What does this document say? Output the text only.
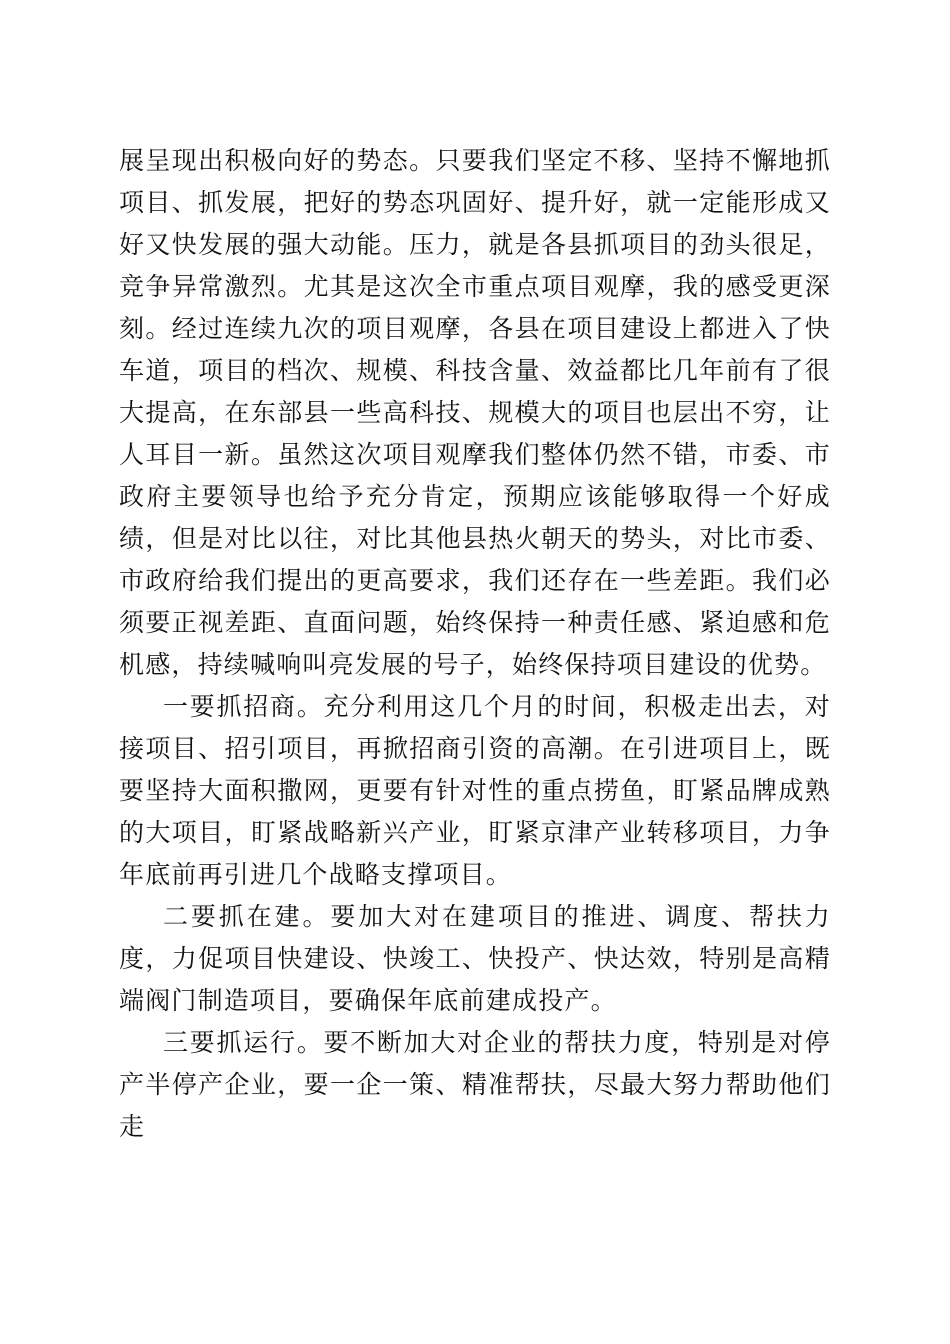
展呈现出积极向好的势态。只要我们坚定不移、坚持不懈地抓项目、抓发展，把好的势态巩固好、提升好，就一定能形成又好又快发展的强大动能。压力，就是各县抓项目的劲头很足，竞争异常激烈。尤其是这次全市重点项目观摩，我的感受更深刻。经过连续九次的项目观摩，各县在项目建设上都进入了快车道，项目的档次、规模、科技含量、效益都比几年前有了很大提高，在东部县一些高科技、规模大的项目也层出不穷，让人耳目一新。虽然这次项目观摩我们整体仍然不错，市委、市政府主要领导也给予充分肯定，预期应该能够取得一个好成绩，但是对比以往，对比其他县热火朝天的势头，对比市委、市政府给我们提出的更高要求，我们还存在一些差距。我们必须要正视差距、直面问题，始终保持一种责任感、紧迫感和危机感，持续喊响叫亮发展的号子，始终保持项目建设的优势。

一要抓招商。充分利用这几个月的时间，积极走出去，对接项目、招引项目，再掀招商引资的高潮。在引进项目上，既要坚持大面积撒网，更要有针对性的重点捞鱼，盯紧品牌成熟的大项目，盯紧战略新兴产业，盯紧京津产业转移项目，力争年底前再引进几个战略支撑项目。

二要抓在建。要加大对在建项目的推进、调度、帮扶力度，力促项目快建设、快竣工、快投产、快达效，特别是高精端阀门制造项目，要确保年底前建成投产。

三要抓运行。要不断加大对企业的帮扶力度，特别是对停产半停产企业，要一企一策、精准帮扶，尽最大努力帮助他们走
